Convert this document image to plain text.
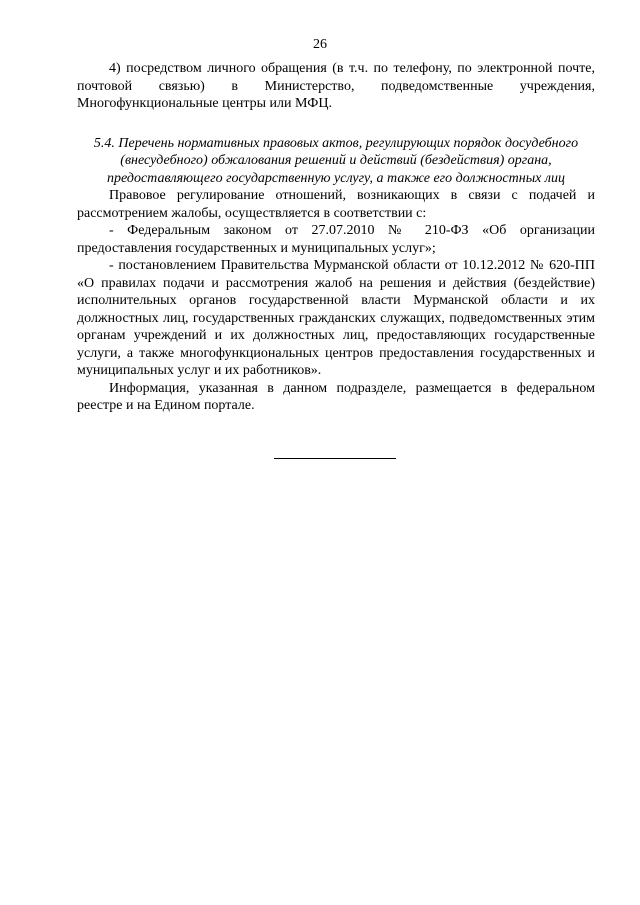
26

4) посредством личного обращения (в т.ч. по телефону, по электронной почте, почтовой связью) в Министерство, подведомственные учреждения, Многофункциональные центры или МФЦ.

5.4. Перечень нормативных правовых актов, регулирующих порядок досудебного (внесудебного) обжалования решений и действий (бездействия) органа, предоставляющего государственную услугу, а также его должностных лиц

Правовое регулирование отношений, возникающих в связи с подачей и рассмотрением жалобы, осуществляется в соответствии с:

- Федеральным законом от 27.07.2010 № 210-ФЗ «Об организации предоставления государственных и муниципальных услуг»;

- постановлением Правительства Мурманской области от 10.12.2012 № 620-ПП «О правилах подачи и рассмотрения жалоб на решения и действия (бездействие) исполнительных органов государственной власти Мурманской области и их должностных лиц, государственных гражданских служащих, подведомственных этим органам учреждений и их должностных лиц, предоставляющих государственные услуги, а также многофункциональных центров предоставления государственных и муниципальных услуг и их работников».

Информация, указанная в данном подразделе, размещается в федеральном реестре и на Едином портале.
